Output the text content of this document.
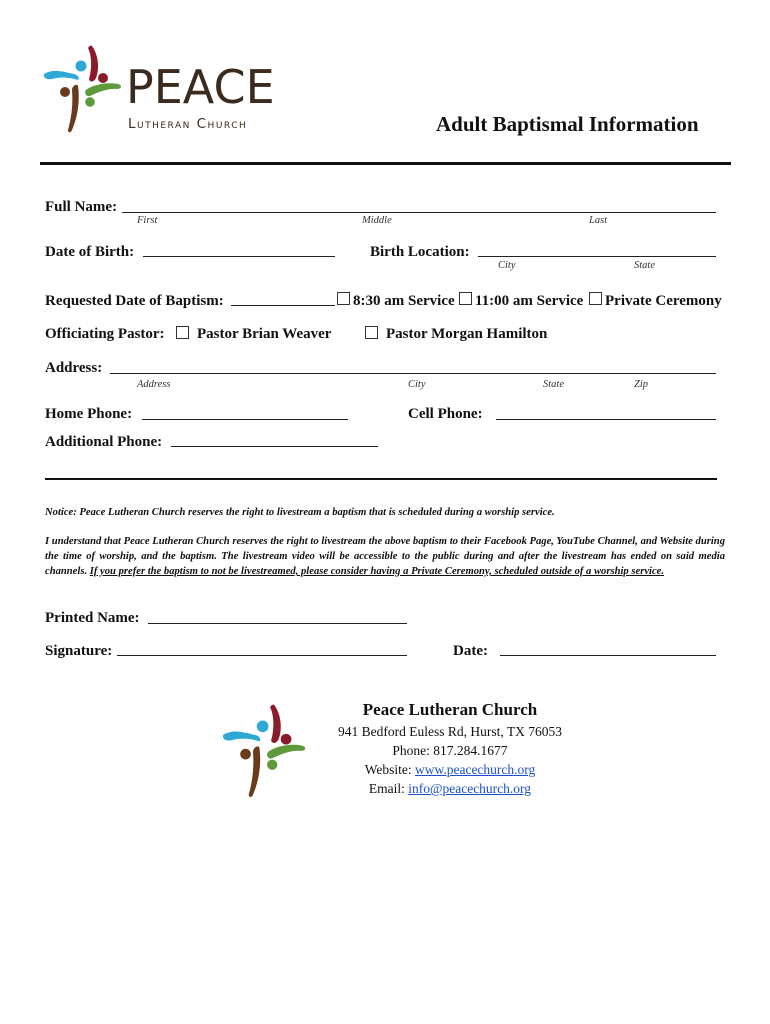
PEACE
Lutheran Church	Adult Baptismal Information
Full Name:
First	Middle	Last
Date of Birth:	Birth Location:
City	State
Requested Date of Baptism:	8:30 am Service 11:00 am Service Private Ceremony
Officiating Pastor: Pastor Brian Weaver	Pastor Morgan Hamilton
Address:
Address	City	State	Zip
Home Phone:	Cell Phone:
Additional Phone:
Notice: Peace Lutheran Church reserves the right to livestream a baptism that is scheduled during a worship service.
I understand that Peace Lutheran Church reserves the right to livestream the above baptism to their Facebook Page, YouTube Channel, and Website during the time of worship, and the baptism. The livestream video will be accessible to the public during and after the livestream has ended on said media channels. If you prefer the baptism to not be livestreamed, please consider having a Private Ceremony, scheduled outside of a worship service.
Printed Name:
Signature:	Date:
Peace Lutheran Church
941 Bedford Euless Rd, Hurst, TX 76053
Phone: 817.284.1677
Website: www.peacechurch.org
Email: info@peacechurch.org
